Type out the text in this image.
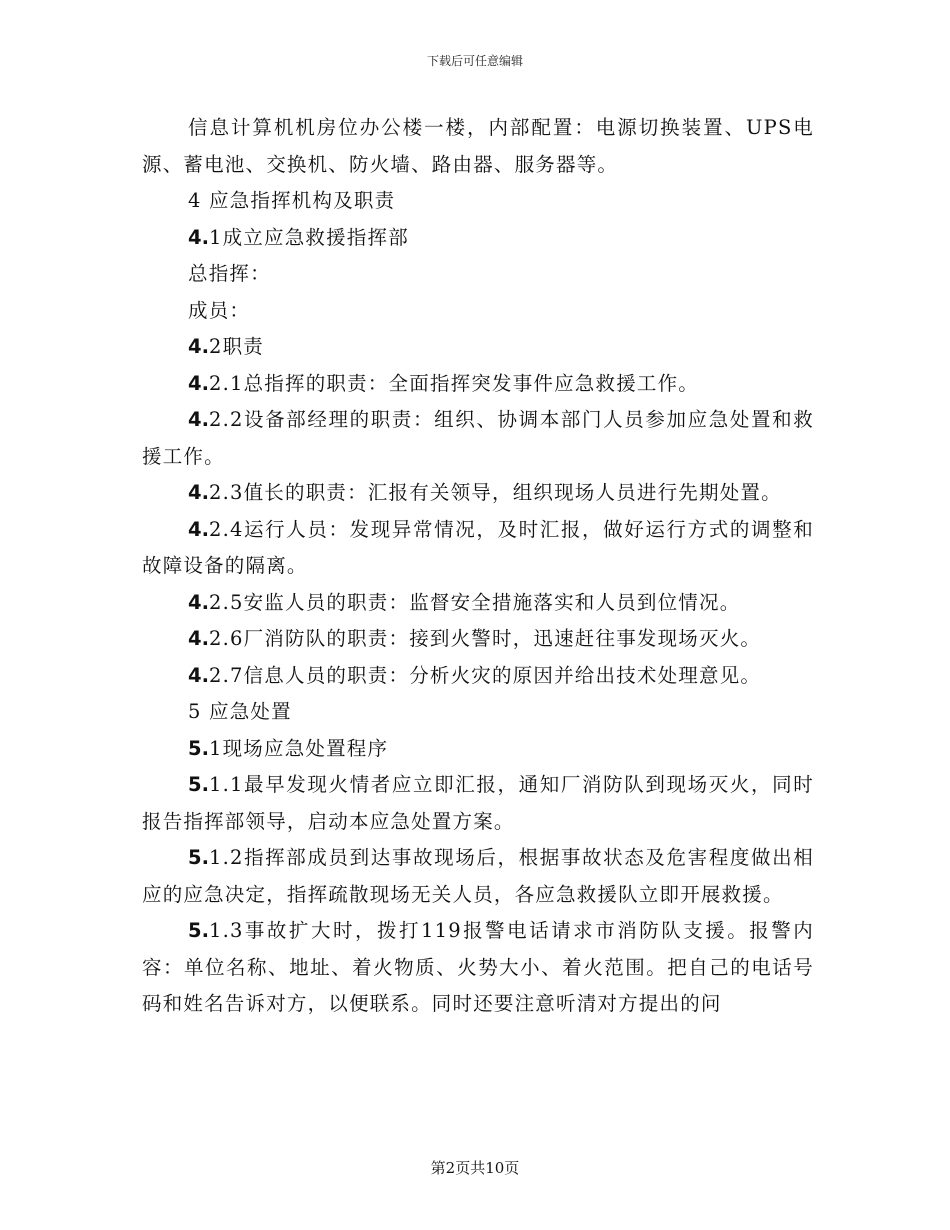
下载后可任意编辑

信息计算机机房位办公楼一楼，内部配置：电源切换装置、UPS电源、蓄电池、交换机、防火墙、路由器、服务器等。

4 应急指挥机构及职责

4.1成立应急救援指挥部

总指挥：

成员：

4.2职责

4.2.1总指挥的职责：全面指挥突发事件应急救援工作。

4.2.2设备部经理的职责：组织、协调本部门人员参加应急处置和救援工作。

4.2.3值长的职责：汇报有关领导，组织现场人员进行先期处置。

4.2.4运行人员：发现异常情况，及时汇报，做好运行方式的调整和故障设备的隔离。

4.2.5安监人员的职责：监督安全措施落实和人员到位情况。

4.2.6厂消防队的职责：接到火警时，迅速赶往事发现场灭火。

4.2.7信息人员的职责：分析火灾的原因并给出技术处理意见。

5 应急处置

5.1现场应急处置程序

5.1.1最早发现火情者应立即汇报，通知厂消防队到现场灭火，同时报告指挥部领导，启动本应急处置方案。

5.1.2指挥部成员到达事故现场后，根据事故状态及危害程度做出相应的应急决定，指挥疏散现场无关人员，各应急救援队立即开展救援。

5.1.3事故扩大时，拨打119报警电话请求市消防队支援。报警内容：单位名称、地址、着火物质、火势大小、着火范围。把自己的电话号码和姓名告诉对方，以便联系。同时还要注意听清对方提出的问

第2页共10页
